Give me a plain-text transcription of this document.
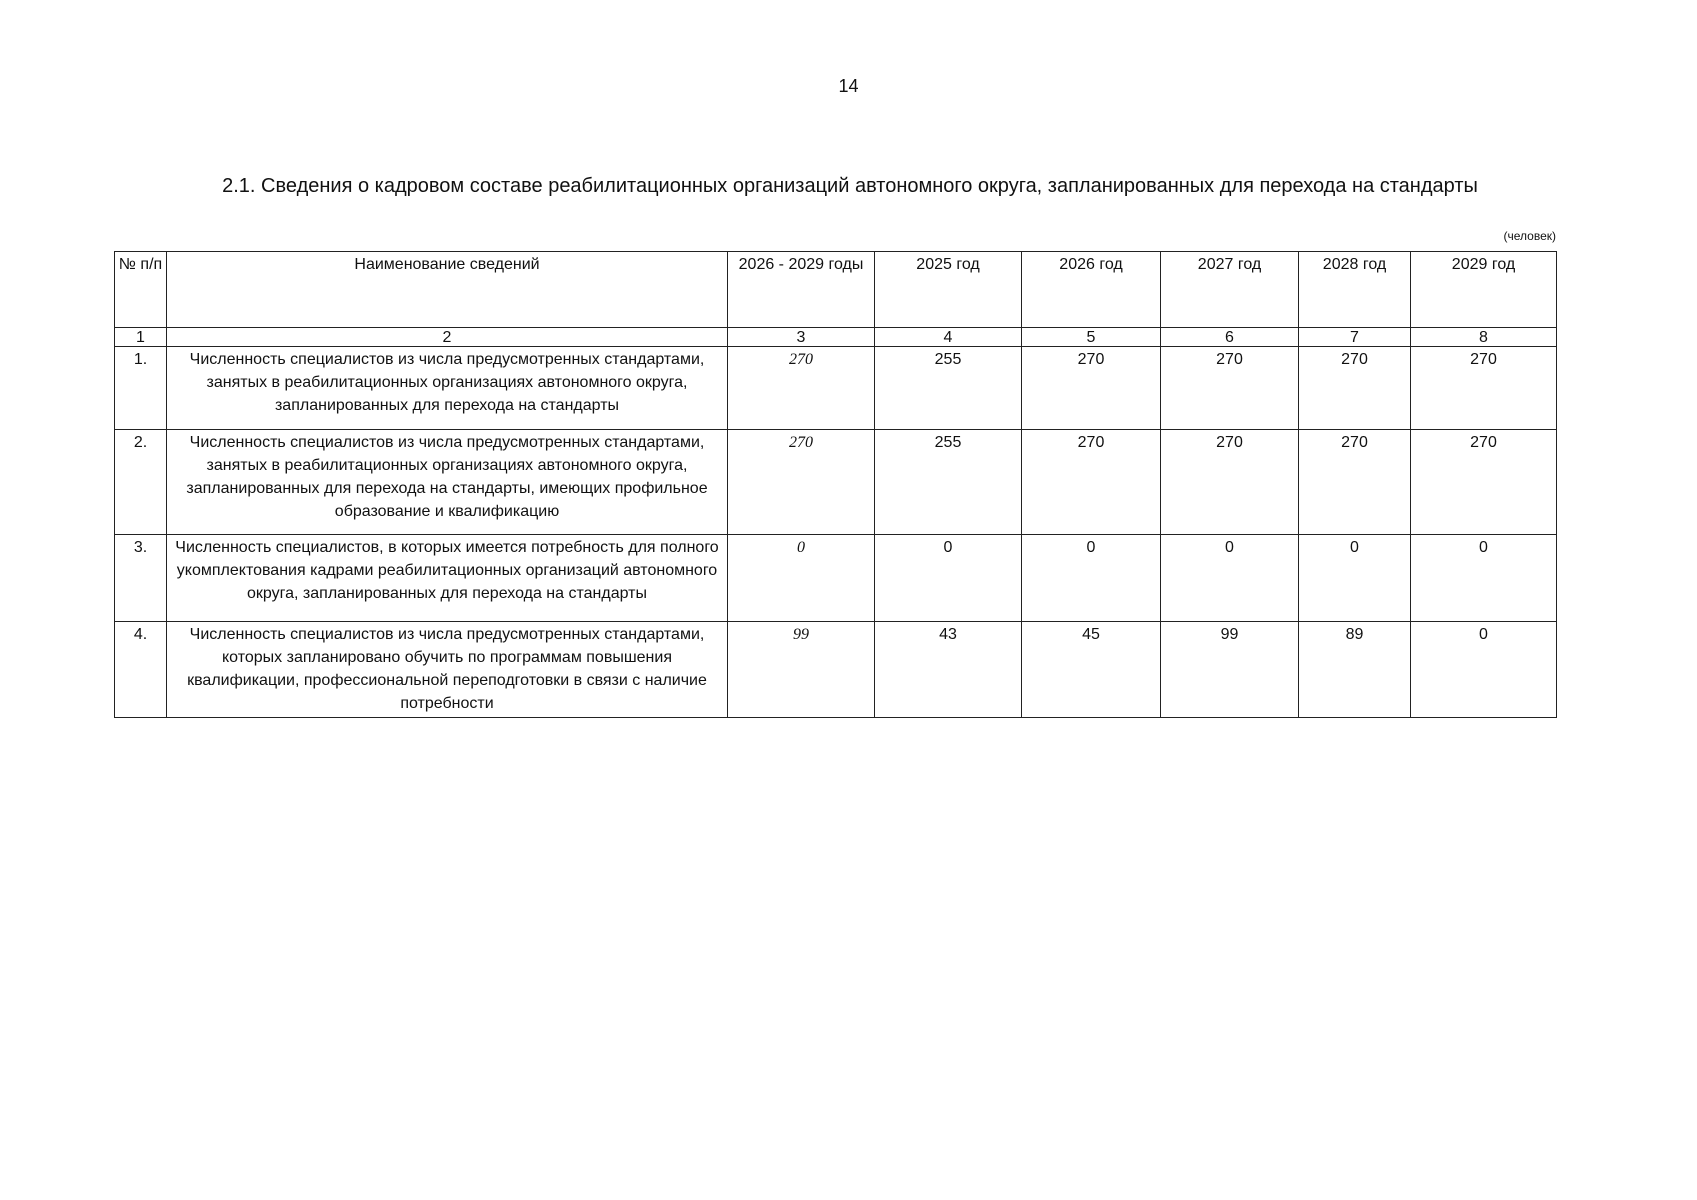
14
2.1. Сведения о кадровом составе реабилитационных организаций автономного округа, запланированных для перехода на стандарты
(человек)
№ п/п	Наименование сведений	2026 - 2029 годы	2025 год	2026 год	2027 год	2028 год	2029 год
1	2	3	4	5	6	7	8
1.	Численность специалистов из числа предусмотренных стандартами, занятых в реабилитационных организациях автономного округа, запланированных для перехода на стандарты	270	255	270	270	270	270
2.	Численность специалистов из числа предусмотренных стандартами, занятых в реабилитационных организациях автономного округа, запланированных для перехода на стандарты, имеющих профильное образование и квалификацию	270	255	270	270	270	270
3.	Численность специалистов, в которых имеется потребность для полного укомплектования кадрами реабилитационных организаций автономного округа, запланированных для перехода на стандарты	0	0	0	0	0	0
4.	Численность специалистов из числа предусмотренных стандартами, которых запланировано обучить по программам повышения квалификации, профессиональной переподготовки в связи с наличие потребности	99	43	45	99	89	0
